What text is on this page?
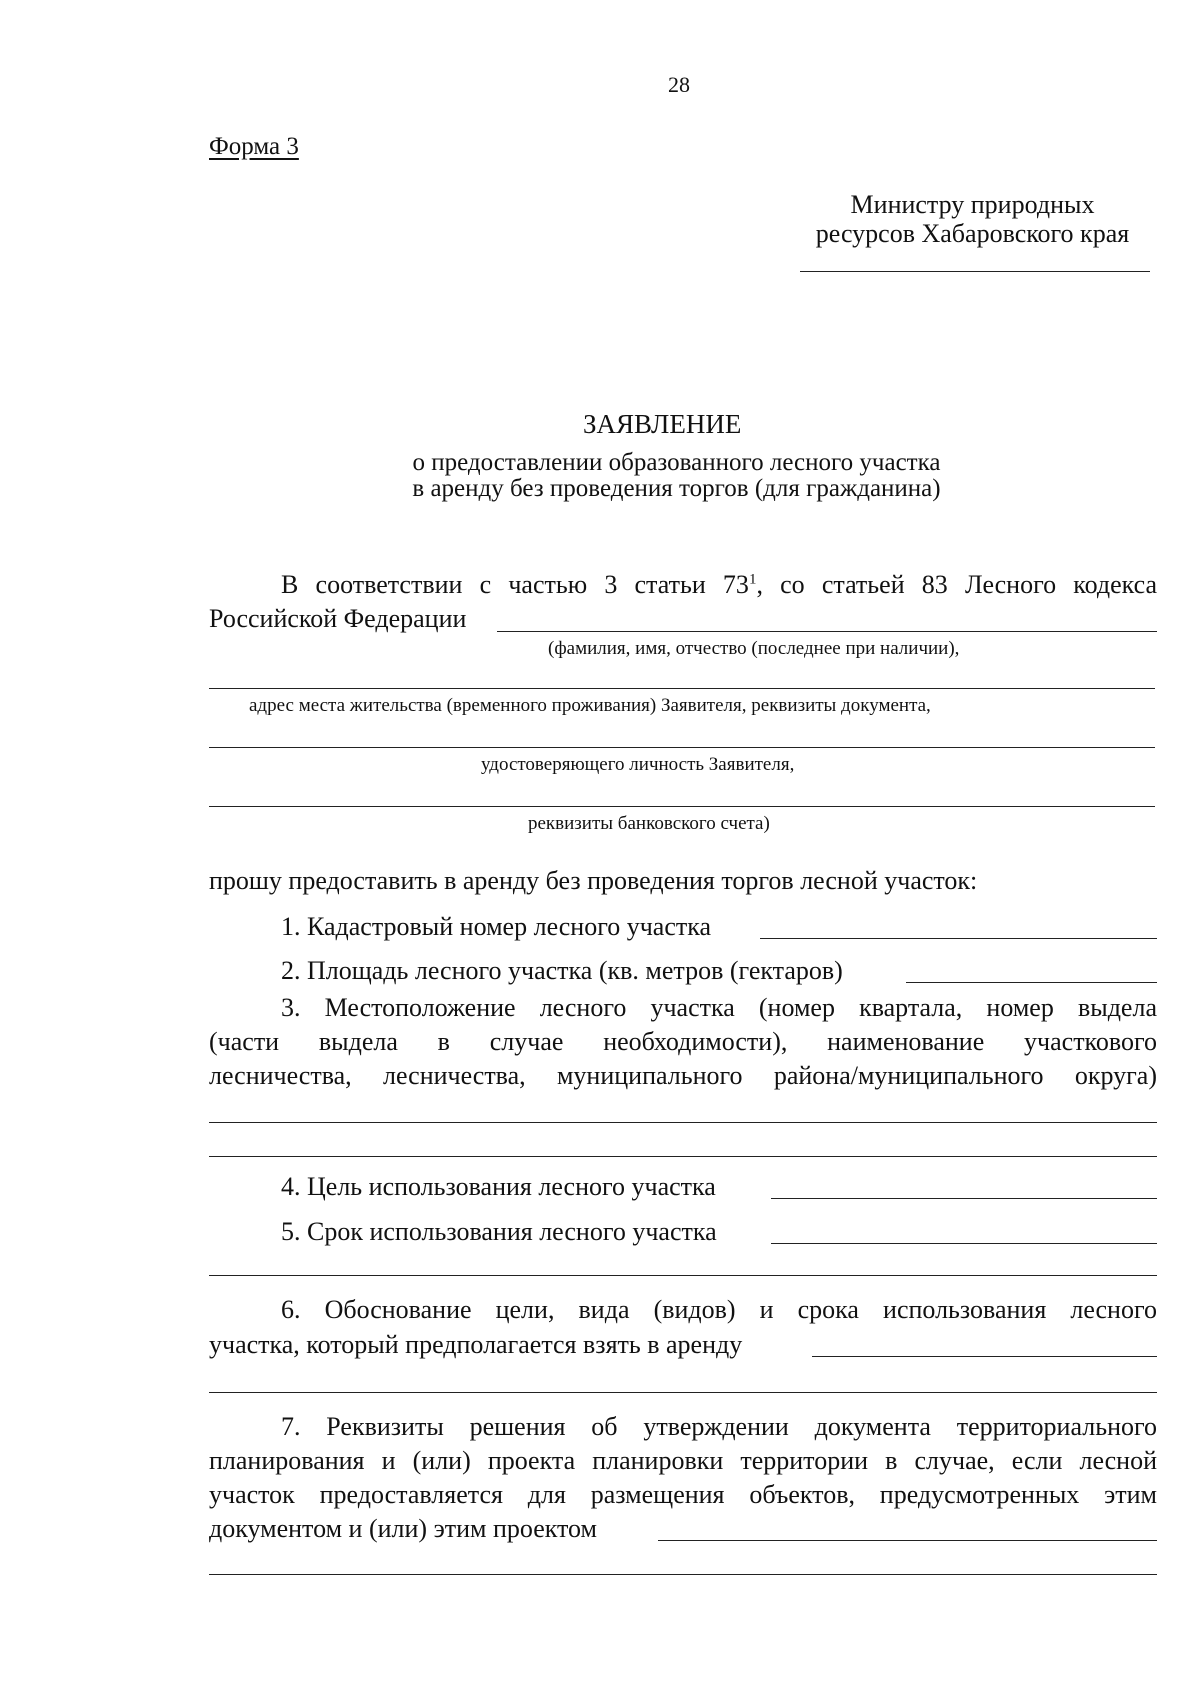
28
Форма 3
Министру природных
ресурсов Хабаровского края
ЗАЯВЛЕНИЕ
о предоставлении образованного лесного участка
в аренду без проведения торгов (для гражданина)
В соответствии с частью 3 статьи $73^1$, со статьей 83 Лесного кодекса
Российской Федерации
(фамилия, имя, отчество (последнее при наличии),
адрес места жительства (временного проживания) Заявителя, реквизиты документа,
удостоверяющего личность Заявителя,
реквизиты банковского счета)
прошу предоставить в аренду без проведения торгов лесной участок:
1. Кадастровый номер лесного участка
2. Площадь лесного участка (кв. метров (гектаров)
3. Местоположение лесного участка (номер квартала, номер выдела
(части выдела в случае необходимости), наименование участкового
лесничества, лесничества, муниципального района/муниципального округа)
4. Цель использования лесного участка
5. Срок использования лесного участка
6. Обоснование цели, вида (видов) и срока использования лесного
участка, который предполагается взять в аренду
7. Реквизиты решения об утверждении документа территориального
планирования и (или) проекта планировки территории в случае, если лесной
участок предоставляется для размещения объектов, предусмотренных этим
документом и (или) этим проектом
